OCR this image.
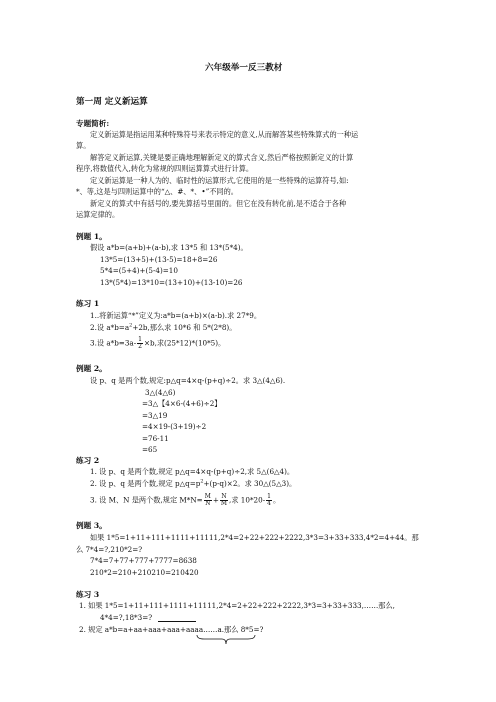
六年级举一反三教材
第一周 定义新运算
专题简析:
定义新运算是指运用某种特殊符号来表示特定的意义,从而解答某些特殊算式的一种运
算。
解答定义新运算,关键是要正确地理解新定义的算式含义,然后严格按照新定义的计算
程序,将数值代入,转化为常规的四则运算算式进行计算。
定义新运算是一种人为的、临时性的运算形式,它使用的是一些特殊的运算符号,如:
*、等,这是与四则运算中的“△、#、*、•”不同的。
新定义的算式中有括号的,要先算括号里面的。但它在没有转化前,是不适合于各种
运算定律的。
例题 1。
假设 a*b=(a+b)+(a-b),求 13*5 和 13*(5*4)。
13*5=(13+5)+(13-5)=18+8=26
5*4=(5+4)+(5-4)=10
13*(5*4)=13*10=(13+10)+(13-10)=26
练习 1
1..将新运算“*”定义为:a*b=(a+b)×(a-b).求 27*9。
2.设 $a*b=a^2+2b$,那么求 10*6 和 5*(2*8)。
3.设 $a*b=3a- \frac{1}{2} \times b$,求(25*12)*(10*5)。
例题 2。
设 p、q 是两个数,规定:p△q=4×q-(p+q)÷2。求 3△(4△6).
3△(4△6)
=3△【4×6-(4+6)÷2】
=3△19
=4×19-(3+19)÷2
=76-11
=65
练习 2
1. 设 p、q 是两个数,规定 p△q=4×q-(p+q)÷2,求 5△(6△4)。
2. 设 p、q 是两个数,规定 $p\triangle q=p^2+(p-q)\times 2$。求 30△(5△3)。
3. 设 M、N 是两个数,规定 $M*N= \frac{M}{N} + \frac{N}{M}$ ,求 $10*20- \frac{1}{4}$ 。
例题 3。
如果 1*5=1+11+111+1111+11111,2*4=2+22+222+2222,3*3=3+33+333,4*2=4+44。那
么 7*4=?,210*2=?
7*4=7+77+777+7777=8638
210*2=210+210210=210420
练习 3
1. 如果 1*5=1+11+111+1111+11111,2*4=2+22+222+2222,3*3=3+33+333,……那么,
4*4=?,18*3=?
2. 规定 a*b=a+aa+aaa+aaa+aaaa……a.那么 8*5=?
